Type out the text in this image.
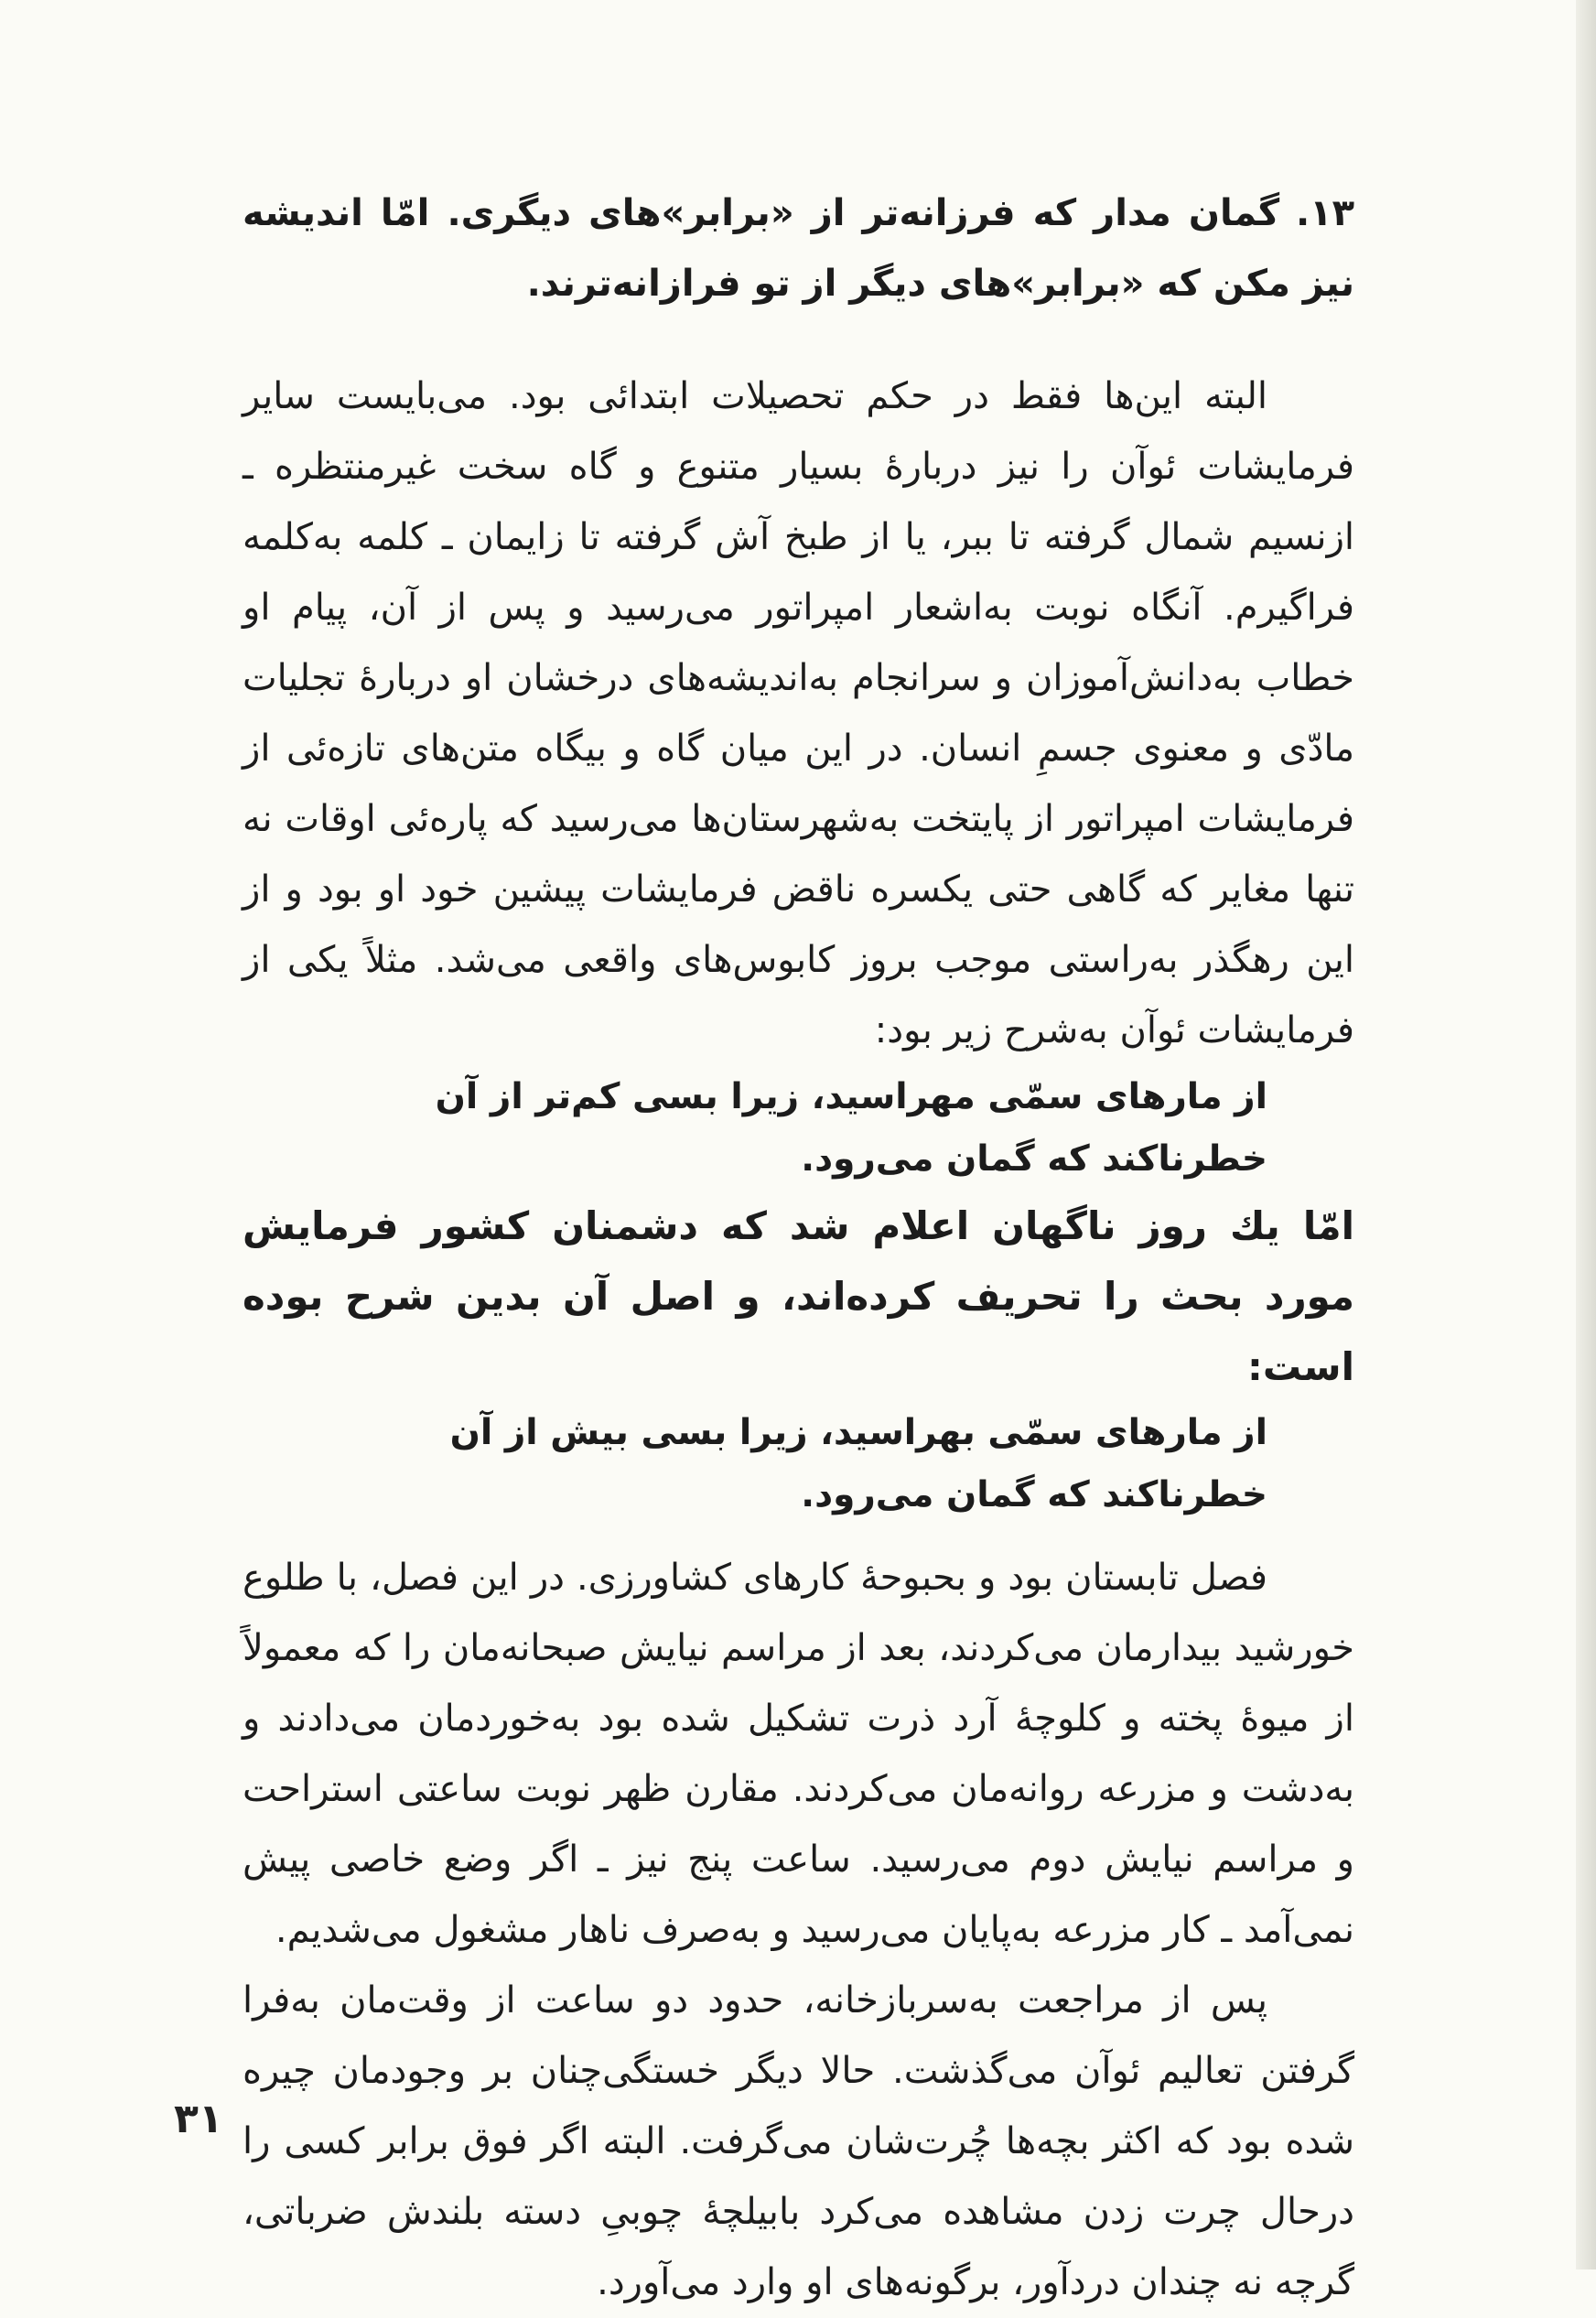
۱۳. گمان مدار که فرزانه‌تر از «برابر»های دیگری. امّا اندیشه نیز مکن که «برابر»های دیگر از تو فرازانه‌ترند.

البته این‌ها فقط در حکم تحصیلات ابتدائی بود. می‌بایست سایر فرمایشات ئوآن را نیز دربارهٔ بسیار متنوع و گاه سخت غیرمنتظره ـ ازنسیم شمال گرفته تا ببر، یا از طبخ آش گرفته تا زایمان ـ کلمه به‌کلمه فراگیرم. آنگاه نوبت به‌اشعار امپراتور می‌رسید و پس از آن، پیام او خطاب به‌دانش‌آموزان و سرانجام به‌اندیشه‌های درخشان او دربارهٔ تجلیات مادّی و معنوی جسمِ انسان. در این میان گاه و بیگاه متن‌های تازه‌ئی از فرمایشات امپراتور از پایتخت به‌شهرستان‌ها می‌رسید که پاره‌ئی اوقات نه تنها مغایر که گاهی حتی یکسره ناقض فرمایشات پیشین خود او بود و از این رهگذر به‌راستی موجب بروز کابوس‌های واقعی می‌شد. مثلاً یکی از فرمایشات ئوآن به‌شرح زیر بود:

از مارهای سمّی مهراسید، زیرا بسی کم‌تر از آن
خطرناکند که گمان می‌رود.

امّا یك روز ناگهان اعلام شد که دشمنان کشور فرمایش مورد بحث را تحریف کرده‌اند، و اصل آن بدین شرح بوده است:

از مارهای سمّی بهراسید، زیرا بسی بیش از آن
خطرناکند که گمان می‌رود.

فصل تابستان بود و بحبوحهٔ کارهای کشاورزی. در این فصل، با طلوع خورشید بیدارمان می‌کردند، بعد از مراسم نیایش صبحانه‌مان را که معمولاً از میوهٔ پخته و کلوچهٔ آرد ذرت تشکیل شده بود به‌خوردمان می‌دادند و به‌دشت و مزرعه روانه‌مان می‌کردند. مقارن ظهر نوبت ساعتی استراحت و مراسم نیایش دوم می‌رسید. ساعت پنج نیز ـ اگر وضع خاصی پیش نمی‌آمد ـ کار مزرعه به‌پایان می‌رسید و به‌صرف ناهار مشغول می‌شدیم.

پس از مراجعت به‌سربازخانه، حدود دو ساعت از وقت‌مان به‌فرا گرفتن تعالیم ئوآن می‌گذشت. حالا دیگر خستگی‌چنان بر وجودمان چیره شده بود که اکثر بچه‌ها چُرت‌شان می‌گرفت. البته اگر فوق برابر کسی را درحال چرت زدن مشاهده می‌کرد بابیلچهٔ چوبیِ دسته بلندش ضرباتی، گرچه نه چندان دردآور، برگونه‌های او وارد می‌آورد.

۳۱
